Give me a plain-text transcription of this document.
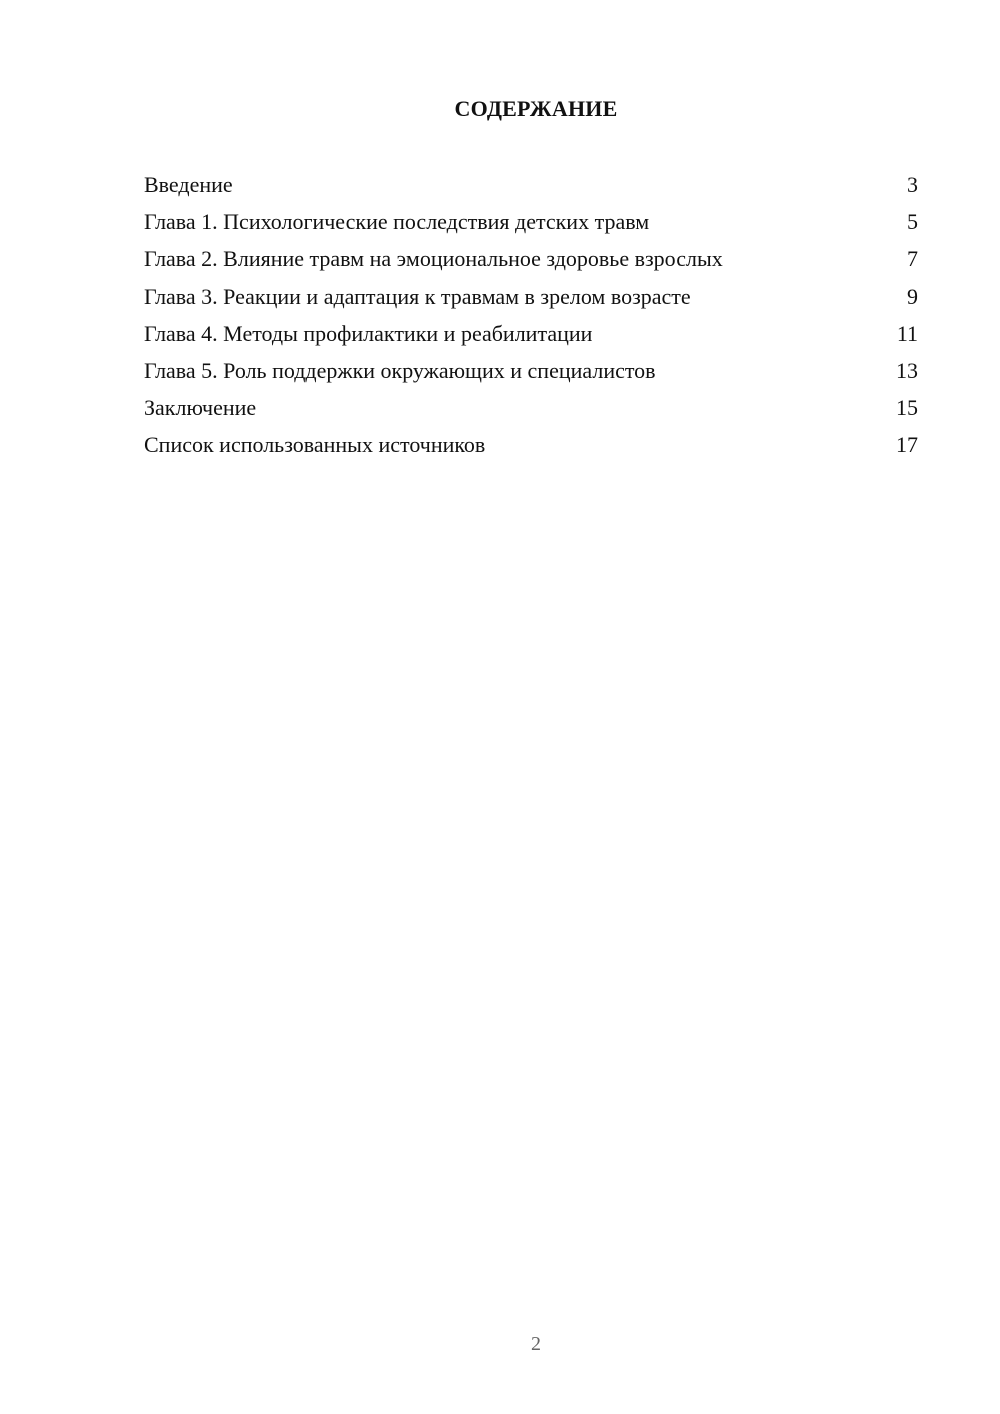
СОДЕРЖАНИЕ
Введение	3
Глава 1. Психологические последствия детских травм	5
Глава 2. Влияние травм на эмоциональное здоровье взрослых	7
Глава 3. Реакции и адаптация к травмам в зрелом возрасте	9
Глава 4. Методы профилактики и реабилитации	11
Глава 5. Роль поддержки окружающих и специалистов	13
Заключение	15
Список использованных источников	17
2
